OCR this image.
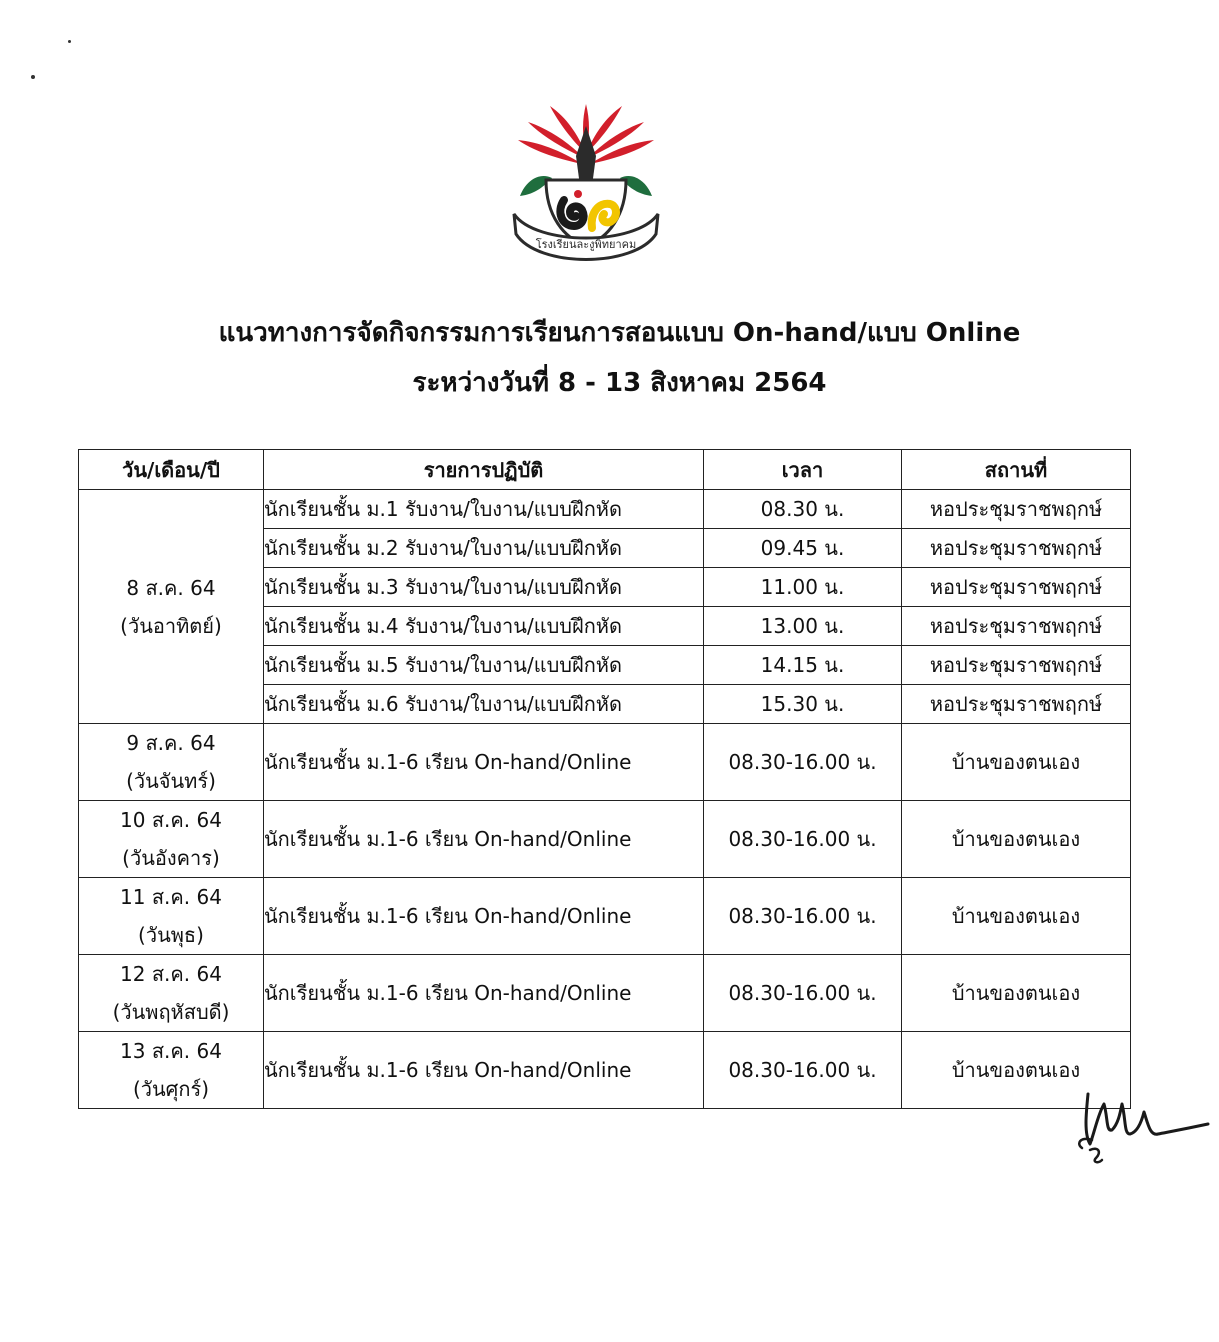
โรงเรียนละงูพิทยาคม
แนวทางการจัดกิจกรรมการเรียนการสอนแบบ On-hand/แบบ Online
ระหว่างวันที่ 8 - 13 สิงหาคม 2564
วัน/เดือน/ปี	รายการปฏิบัติ	เวลา	สถานที่

8 ส.ค. 64
(วันอาทิตย์)	นักเรียนชั้น ม.1 รับงาน/ใบงาน/แบบฝึกหัด	08.30 น.	หอประชุมราชพฤกษ์
	นักเรียนชั้น ม.2 รับงาน/ใบงาน/แบบฝึกหัด	09.45 น.	หอประชุมราชพฤกษ์
	นักเรียนชั้น ม.3 รับงาน/ใบงาน/แบบฝึกหัด	11.00 น.	หอประชุมราชพฤกษ์
	นักเรียนชั้น ม.4 รับงาน/ใบงาน/แบบฝึกหัด	13.00 น.	หอประชุมราชพฤกษ์
	นักเรียนชั้น ม.5 รับงาน/ใบงาน/แบบฝึกหัด	14.15 น.	หอประชุมราชพฤกษ์
	นักเรียนชั้น ม.6 รับงาน/ใบงาน/แบบฝึกหัด	15.30 น.	หอประชุมราชพฤกษ์

9 ส.ค. 64
(วันจันทร์)	นักเรียนชั้น ม.1-6 เรียน On-hand/Online	08.30-16.00 น.	บ้านของตนเอง

10 ส.ค. 64
(วันอังคาร)	นักเรียนชั้น ม.1-6 เรียน On-hand/Online	08.30-16.00 น.	บ้านของตนเอง

11 ส.ค. 64
(วันพุธ)	นักเรียนชั้น ม.1-6 เรียน On-hand/Online	08.30-16.00 น.	บ้านของตนเอง

12 ส.ค. 64
(วันพฤหัสบดี)	นักเรียนชั้น ม.1-6 เรียน On-hand/Online	08.30-16.00 น.	บ้านของตนเอง

13 ส.ค. 64
(วันศุกร์)	นักเรียนชั้น ม.1-6 เรียน On-hand/Online	08.30-16.00 น.	บ้านของตนเอง
